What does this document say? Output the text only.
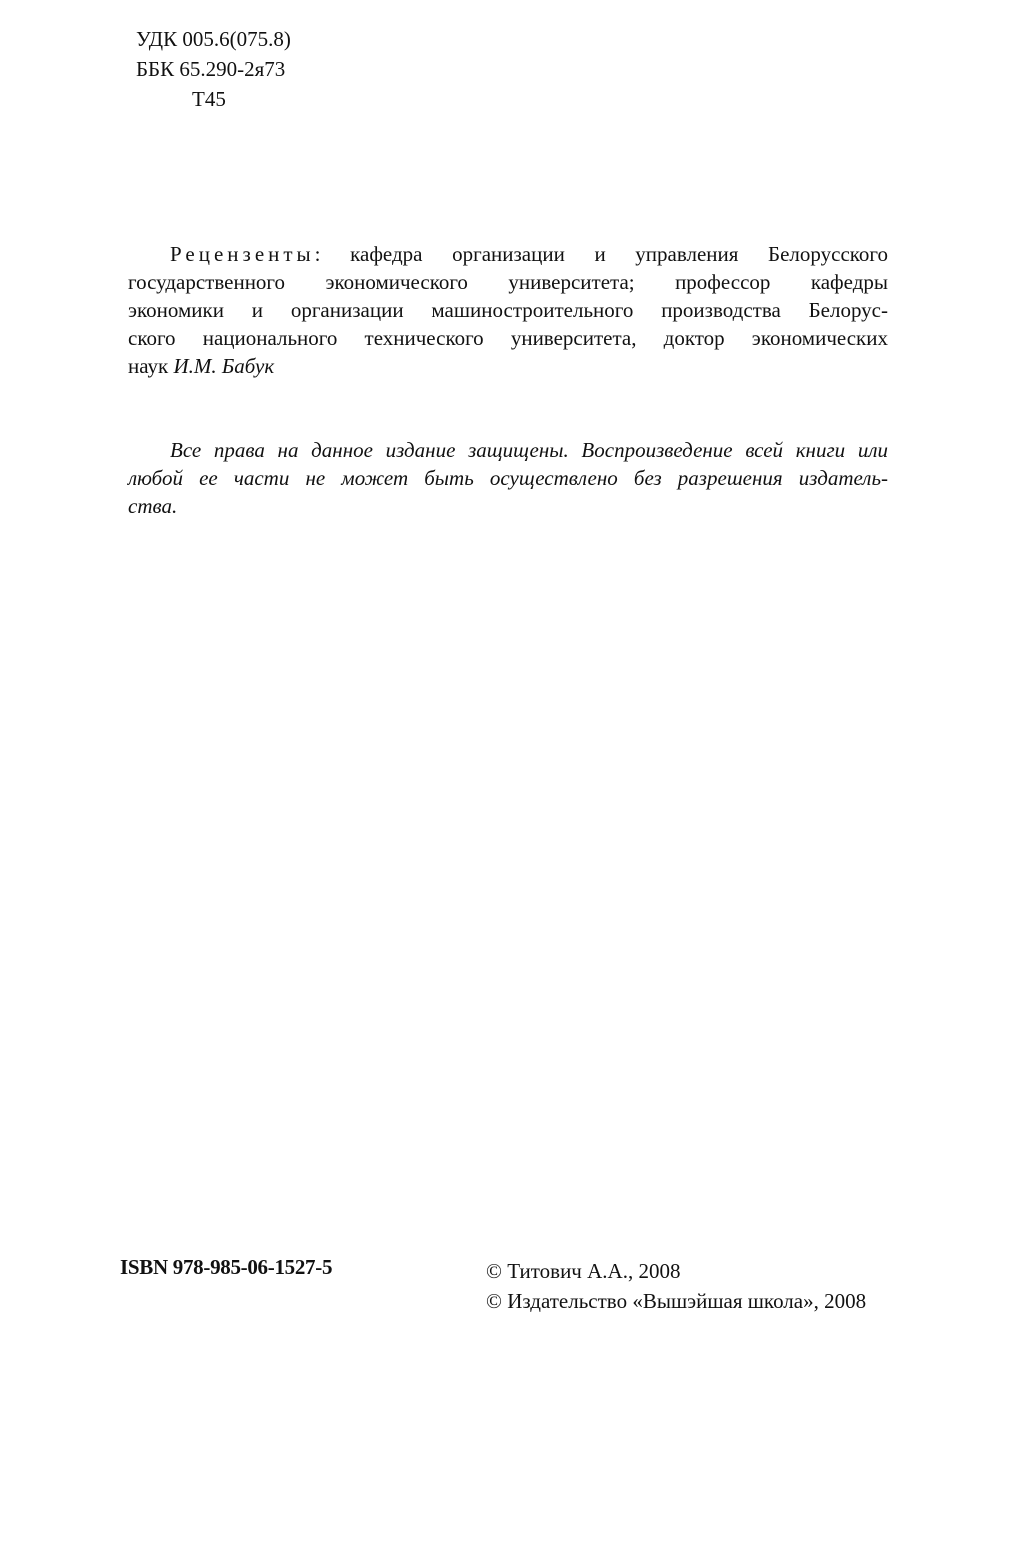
УДК 005.6(075.8)
ББК 65.290-2я73
Т45
Рецензенты: кафедра организации и управления Белорусского
государственного экономического университета; профессор кафедры
экономики и организации машиностроительного производства Белорус-
ского национального технического университета, доктор экономических
наук И.М. Бабук
Все права на данное издание защищены. Воспроизведение всей книги или
любой ее части не может быть осуществлено без разрешения издатель-
ства.
ISBN 978-985-06-1527-5	© Титович А.А., 2008
© Издательство «Вышэйшая школа», 2008
